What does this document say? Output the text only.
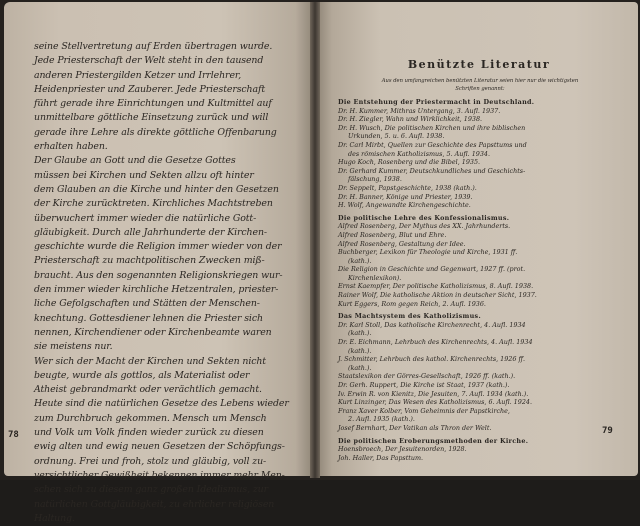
seine Stellvertretung auf Erden übertragen wurde.
Jede Priesterschaft der Welt steht in den tausend
anderen Priestergilden Ketzer und Irrlehrer,
Heidenpriester und Zauberer. Jede Priesterschaft
führt gerade ihre Einrichtungen und Kultmittel auf
unmittelbare göttliche Einsetzung zurück und will
gerade ihre Lehre als direkte göttliche Offenbarung
erhalten haben.
Der Glaube an Gott und die Gesetze Gottes
müssen bei Kirchen und Sekten allzu oft hinter
dem Glauben an die Kirche und hinter den Gesetzen
der Kirche zurücktreten. Kirchliches Machtstreben
überwuchert immer wieder die natürliche Gott-
gläubigkeit. Durch alle Jahrhunderte der Kirchen-
geschichte wurde die Religion immer wieder von der
Priesterschaft zu machtpolitischen Zwecken miß-
braucht. Aus den sogenannten Religionskriegen wur-
den immer wieder kirchliche Hetzentralen, priester-
liche Gefolgschaften und Stätten der Menschen-
knechtung. Gottesdiener lehnen die Priester sich
nennen, Kirchendiener oder Kirchenbeamte waren
sie meistens nur.
Wer sich der Macht der Kirchen und Sekten nicht
beugte, wurde als gottlos, als Materialist oder
Atheist gebrandmarkt oder verächtlich gemacht.
Heute sind die natürlichen Gesetze des Lebens wieder
zum Durchbruch gekommen. Mensch um Mensch
und Volk um Volk finden wieder zurück zu diesen
ewig alten und ewig neuen Gesetzen der Schöpfungs-
ordnung. Frei und froh, stolz und gläubig, voll zu-
versichtlicher Gewißheit bekennen immer mehr Men-
schen sich zu diesem ganz großen Idealismus, zur
natürlichen Gottgläubigkeit, zu ehrlicher religiösen
Haltung.
78
Benützte Literatur
Aus den umfangreichen benützten Literatur seien hier nur die wichtigsten
Schriften genannt:
Die Entstehung der Priestermacht in Deutschland.
Dr. H. Kummer, Mithras Untergang, 3. Aufl. 1937.
Dr. H. Ziegler, Wahn und Wirklichkeit, 1938.
Dr. H. Wusch, Die politischen Kirchen und ihre biblischen
Urkunden, 5. u. 6. Aufl. 1938.
Dr. Carl Mirbt, Quellen zur Geschichte des Papsttums und
des römischen Katholizismus, 5. Aufl. 1934.
Hugo Koch, Rosenberg und die Bibel, 1935.
Dr. Gerhard Kummer, Deutschkundliches und Geschichts-
fälschung, 1938.
Dr. Seppelt, Papstgeschichte, 1938 (kath.).
Dr. H. Banner, Könige und Priester, 1939.
H. Wolf, Angewandte Kirchengeschichte.
Die politische Lehre des Konfessionalismus.
Alfred Rosenberg, Der Mythus des XX. Jahrhunderts.
Alfred Rosenberg, Blut und Ehre.
Alfred Rosenberg, Gestaltung der Idee.
Buchberger, Lexikon für Theologie und Kirche, 1931 ff.
(kath.).
Die Religion in Geschichte und Gegenwart, 1927 ff. (prot.
Kirchenlexikon).
Ernst Kaempfer, Der politische Katholizismus, 8. Aufl. 1938.
Rainer Wolf, Die katholische Aktion in deutscher Sicht, 1937.
Kurt Eggers, Rom gegen Reich, 2. Aufl. 1936.
Das Machtsystem des Katholizismus.
Dr. Karl Stoll, Das katholische Kirchenrecht, 4. Aufl. 1934
(kath.).
Dr. E. Eichmann, Lehrbuch des Kirchenrechts, 4. Aufl. 1934
(kath.).
J. Schmitter, Lehrbuch des kathol. Kirchenrechts, 1926 ff.
(kath.).
Staatslexikon der Görres-Gesellschaft, 1926 ff. (kath.).
Dr. Gerh. Ruppert, Die Kirche ist Staat, 1937 (kath.).
Iv. Erwin R. von Kienitz, Die Jesuiten, 7. Aufl. 1934 (kath.).
Kurt Linzinger, Das Wesen des Katholizismus, 6. Aufl. 1924.
Franz Xaver Kolber, Vom Geheimnis der Papstkirche,
2. Aufl. 1935 (kath.).
Josef Bernhart, Der Vatikan als Thron der Welt.
Die politischen Eroberungsmethoden der Kirche.
Hoensbroech, Der Jesuitenorden, 1928.
Joh. Haller, Das Papsttum.
79
